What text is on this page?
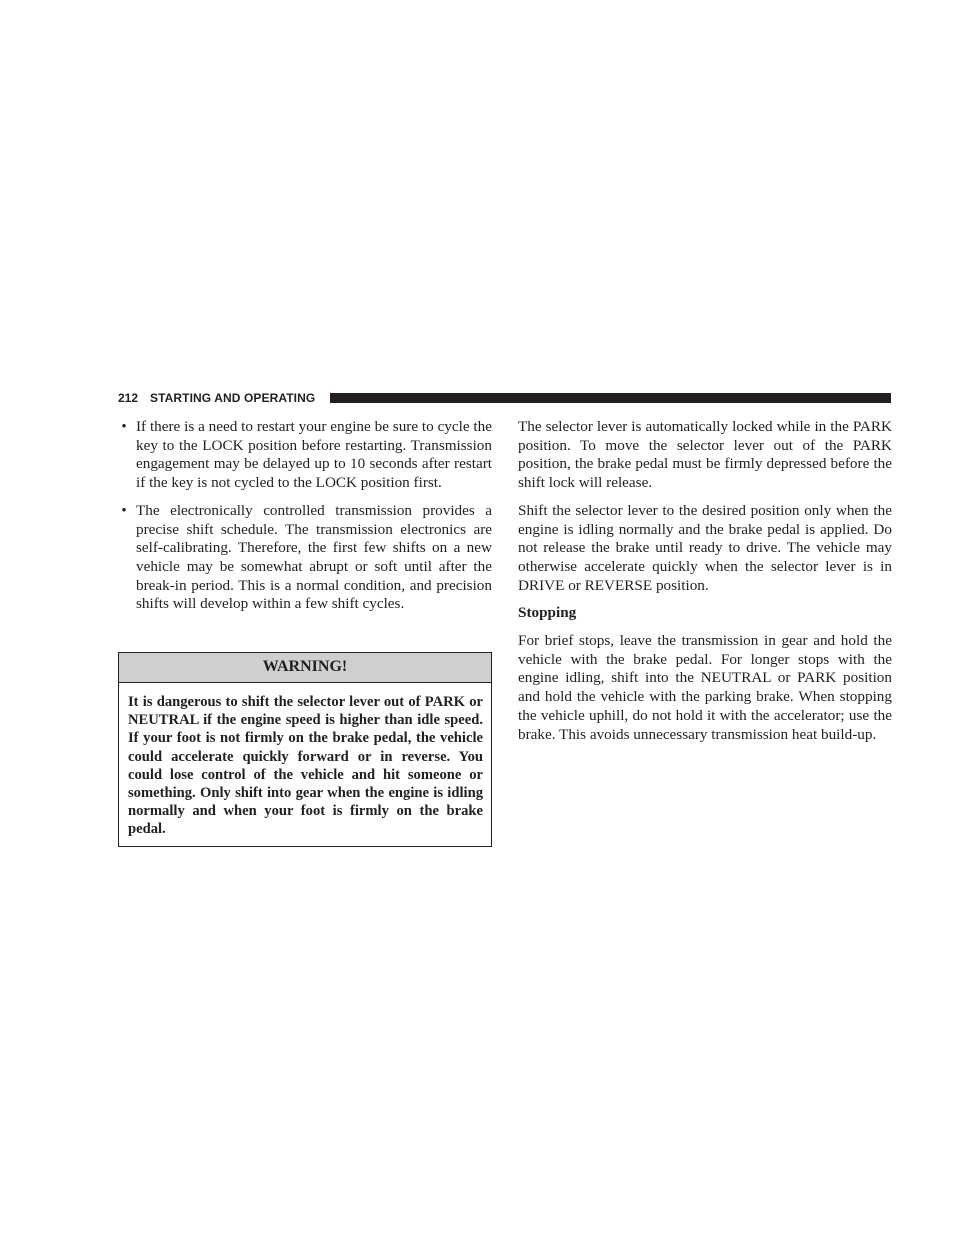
212 STARTING AND OPERATING
• If there is a need to restart your engine be sure to cycle the key to the LOCK position before restarting. Transmission engagement may be delayed up to 10 seconds after restart if the key is not cycled to the LOCK position first.
• The electronically controlled transmission provides a precise shift schedule. The transmission electronics are self-calibrating. Therefore, the first few shifts on a new vehicle may be somewhat abrupt or soft until after the break-in period. This is a normal condition, and precision shifts will develop within a few shift cycles.
WARNING!
It is dangerous to shift the selector lever out of PARK or NEUTRAL if the engine speed is higher than idle speed. If your foot is not firmly on the brake pedal, the vehicle could accelerate quickly forward or in reverse. You could lose control of the vehicle and hit someone or something. Only shift into gear when the engine is idling normally and when your foot is firmly on the brake pedal.

The selector lever is automatically locked while in the PARK position. To move the selector lever out of the PARK position, the brake pedal must be firmly depressed before the shift lock will release.

Shift the selector lever to the desired position only when the engine is idling normally and the brake pedal is applied. Do not release the brake until ready to drive. The vehicle may otherwise accelerate quickly when the selector lever is in DRIVE or REVERSE position.

Stopping

For brief stops, leave the transmission in gear and hold the vehicle with the brake pedal. For longer stops with the engine idling, shift into the NEUTRAL or PARK position and hold the vehicle with the parking brake. When stopping the vehicle uphill, do not hold it with the accelerator; use the brake. This avoids unnecessary transmission heat build-up.
